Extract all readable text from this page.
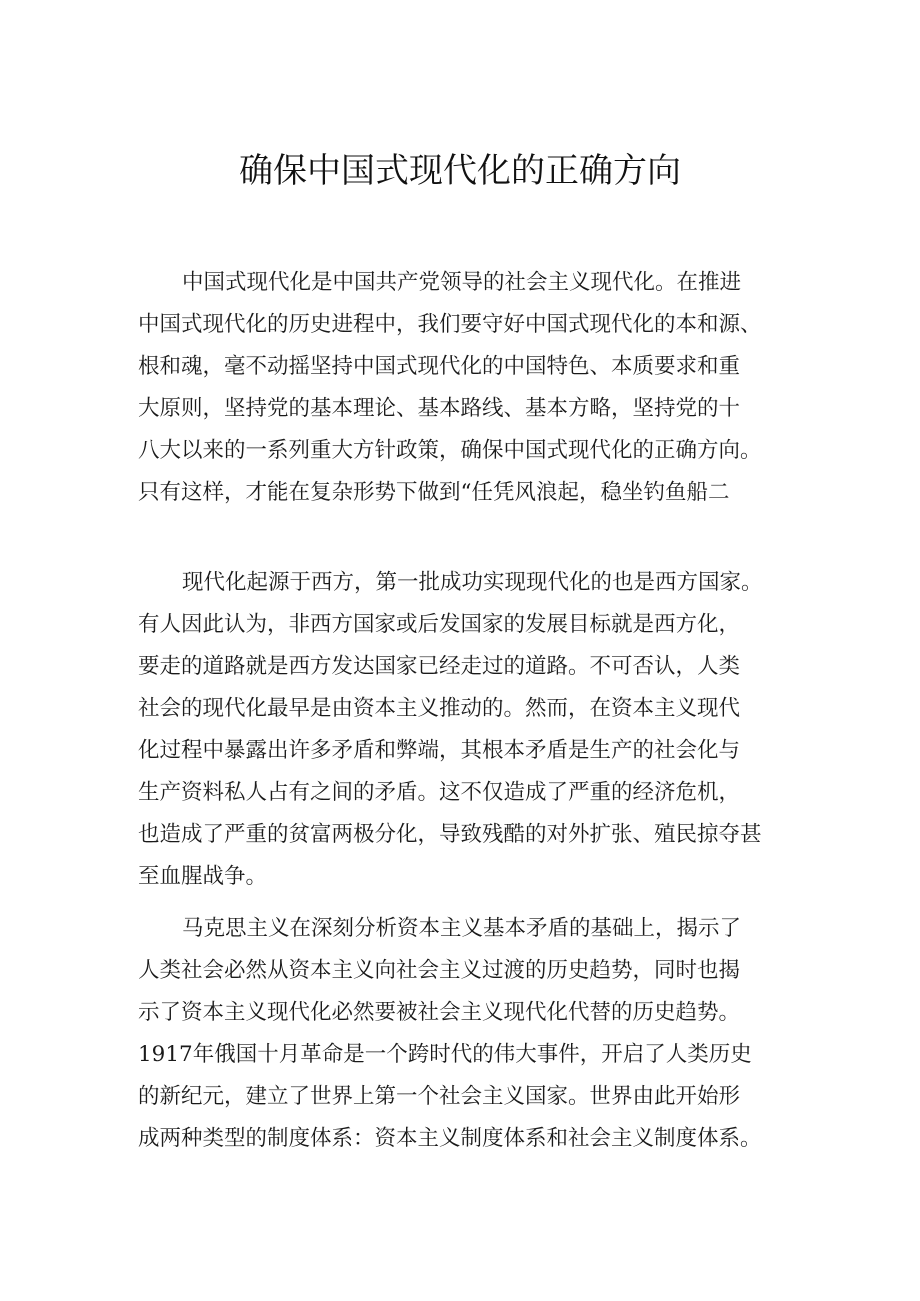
确保中国式现代化的正确方向

中国式现代化是中国共产党领导的社会主义现代化。在推进
中国式现代化的历史进程中，我们要守好中国式现代化的本和源、
根和魂，毫不动摇坚持中国式现代化的中国特色、本质要求和重
大原则，坚持党的基本理论、基本路线、基本方略，坚持党的十
八大以来的一系列重大方针政策，确保中国式现代化的正确方向。
只有这样，才能在复杂形势下做到“任凭风浪起，稳坐钓鱼船二

现代化起源于西方，第一批成功实现现代化的也是西方国家。
有人因此认为，非西方国家或后发国家的发展目标就是西方化，
要走的道路就是西方发达国家已经走过的道路。不可否认，人类
社会的现代化最早是由资本主义推动的。然而，在资本主义现代
化过程中暴露出许多矛盾和弊端，其根本矛盾是生产的社会化与
生产资料私人占有之间的矛盾。这不仅造成了严重的经济危机，
也造成了严重的贫富两极分化，导致残酷的对外扩张、殖民掠夺甚
至血腥战争。

马克思主义在深刻分析资本主义基本矛盾的基础上，揭示了
人类社会必然从资本主义向社会主义过渡的历史趋势，同时也揭
示了资本主义现代化必然要被社会主义现代化代替的历史趋势。
1917年俄国十月革命是一个跨时代的伟大事件，开启了人类历史
的新纪元，建立了世界上第一个社会主义国家。世界由此开始形
成两种类型的制度体系：资本主义制度体系和社会主义制度体系。
